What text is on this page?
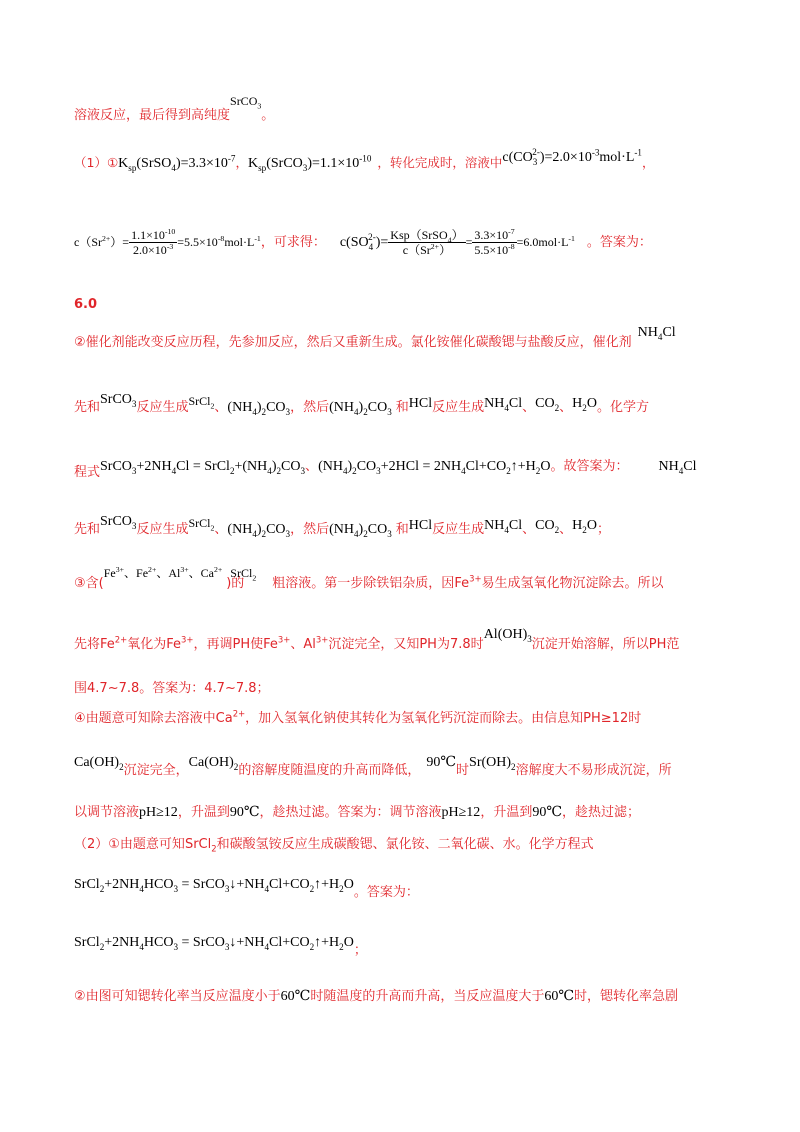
溶液反应，最后得到高纯度SrCO$_3$。
$(1)①K_{sp}(SrSO_4)=3.3\times 10^{-7}$，$K_{sp}(SrCO_3)=1.1\times 10^{-10}$ ，转化完成时，溶液中$c(CO_3^{2-})=2.0\times 10^{-3}mol\cdot L^{-1}$，
$c(Sr^{2+})= \frac{1.1\times 10^{-10}}{2.0\times 10^{-3}} =5.5\times 10^{-8}mol\cdot L^{-1}$，可求得： $c(SO_4^{2-})= \frac{Ksp(SrSO_4)}{c(Sr^{2+})} = \frac{3.3\times 10^{-7}}{5.5\times 10^{-8}} =6.0mol\cdot L^{-1}$ 。答案为：
6.0
②催化剂能改变反应历程，先参加反应，然后又重新生成。氯化铵催化碳酸锶与盐酸反应，催化剂$NH_4Cl$
先和SrCO$_3$反应生成SrCl$_2$、$(NH_4)_2CO_3$，然后$(NH_4)_2CO_3$ 和HCl反应生成$NH_4Cl$、$CO_2$、$H_2O$。化学方
程式$SrCO_3+2NH_4Cl$ = $SrCl_2+(NH_4)_2CO_3$、$(NH_4)_2CO_3+2HCl$ = $2NH_4Cl+CO_2↑+H_2O$。故答案为： $NH_4Cl$
先和SrCO$_3$反应生成SrCl$_2$、$(NH_4)_2CO_3$，然后$(NH_4)_2CO_3$ 和HCl反应生成$NH_4Cl$、$CO_2$、$H_2O$；
③含($Fe^{3+}$、$Fe^{2+}$、$Al^{3+}$、$Ca^{2+}$ SrCl$_2$)的 粗溶液。第一步除铁铝杂质，因$Fe^{3+}$易生成氢氧化物沉淀除去。所以
先将$Fe^{2+}$氧化为$Fe^{3+}$，再调PH使$Fe^{3+}$、$Al^{3+}$沉淀完全，又知PH为7.8时$Al(OH)_3$沉淀开始溶解，所以PH范
围4.7~7.8。答案为：4.7~7.8；
④由题意可知除去溶液中$Ca^{2+}$，加入氢氧化钠使其转化为氢氧化钙沉淀而除去。由信息知PH≥12时
$Ca(OH)_2$沉淀完全，$Ca(OH)_2$的溶解度随温度的升高而降低，90℃时$Sr(OH)_2$溶解度大不易形成沉淀，所
以调节溶液pH≥12，升温到90℃，趁热过滤。答案为：调节溶液pH≥12，升温到90℃，趁热过滤；
（2）①由题意可知SrCl$_2$和碳酸氢铵反应生成碳酸锶、氯化铵、二氧化碳、水。化学方程式
$SrCl_2+2NH_4HCO_3$ = $SrCO_3↓+NH_4Cl+CO_2↑+H_2O$。答案为：
$SrCl_2+2NH_4HCO_3$ = $SrCO_3↓+NH_4Cl+CO_2↑+H_2O$；
②由图可知锶转化率当反应温度小于60℃时随温度的升高而升高，当反应温度大于60℃时，锶转化率急剧
